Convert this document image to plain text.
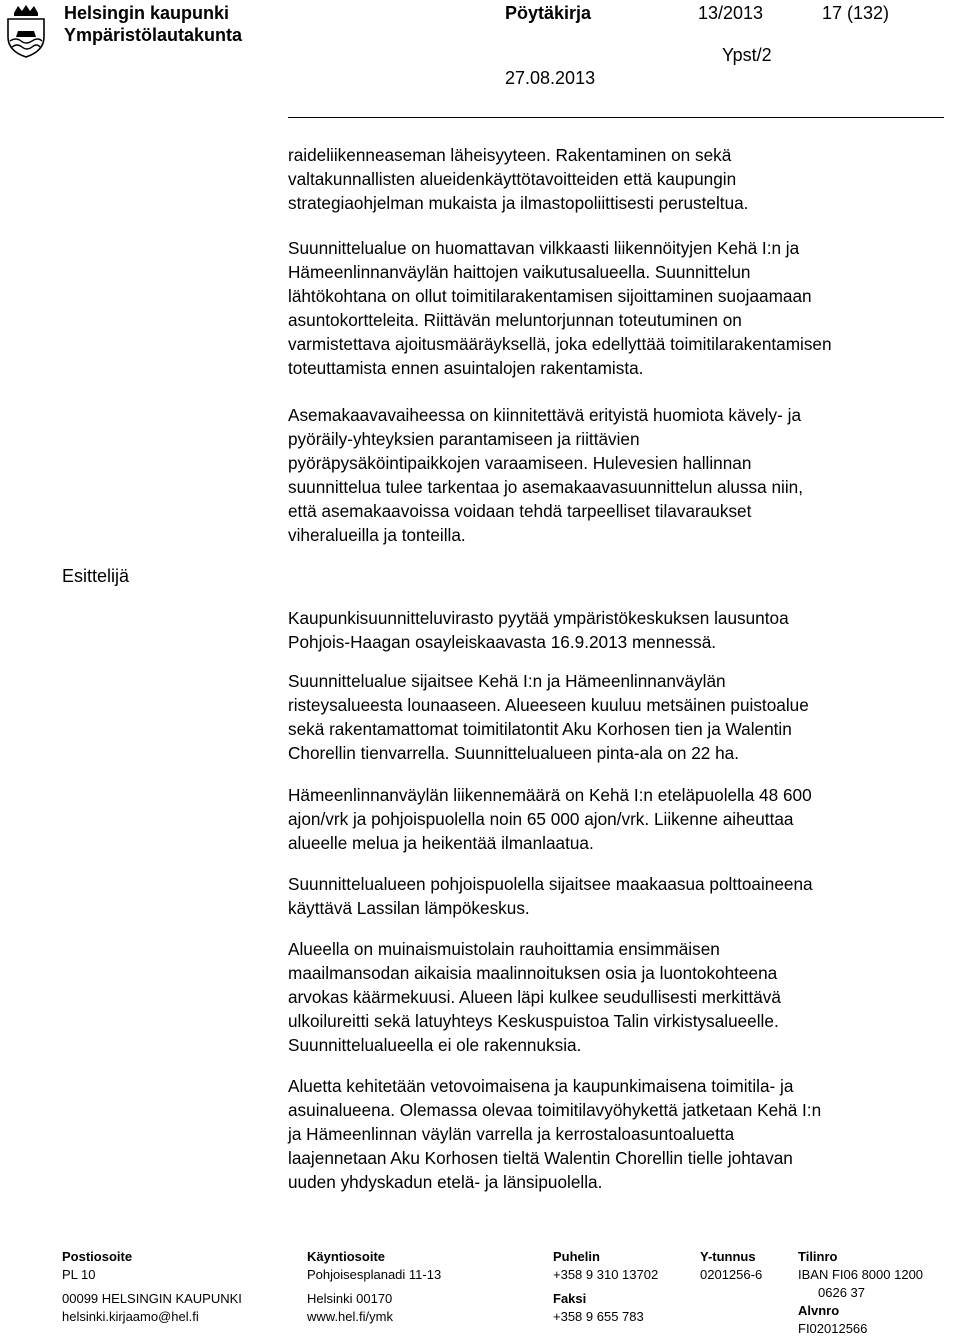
Helsingin kaupunki
Ympäristölautakunta
Pöytäkirja	13/2013	17 (132)
Ypst/2
27.08.2013
Esittelijä

raideliikenneaseman läheisyyteen. Rakentaminen on sekä

valtakunnallisten alueidenkäyttötavoitteiden että kaupungin

strategiaohjelman mukaista ja ilmastopoliittisesti perusteltua.

Suunnittelualue on huomattavan vilkkaasti liikennöityjen Kehä I:n ja

Hämeenlinnanväylän haittojen vaikutusalueella. Suunnittelun

lähtökohtana on ollut toimitilarakentamisen sijoittaminen suojaamaan

asuntokortteleita. Riittävän meluntorjunnan toteutuminen on

varmistettava ajoitusmääräyksellä, joka edellyttää toimitilarakentamisen

toteuttamista ennen asuintalojen rakentamista.

Asemakaavavaiheessa on kiinnitettävä erityistä huomiota kävely- ja

pyöräily-yhteyksien parantamiseen ja riittävien

pyöräpysäköintipaikkojen varaamiseen. Hulevesien hallinnan

suunnittelua tulee tarkentaa jo asemakaavasuunnittelun alussa niin,

että asemakaavoissa voidaan tehdä tarpeelliset tilavaraukset

viheralueilla ja tonteilla.

Kaupunkisuunnitteluvirasto pyytää ympäristökeskuksen lausuntoa

Pohjois-Haagan osayleiskaavasta 16.9.2013 mennessä.

Suunnittelualue sijaitsee Kehä I:n ja Hämeenlinnanväylän

risteysalueesta lounaaseen. Alueeseen kuuluu metsäinen puistoalue

sekä rakentamattomat toimitilatontit Aku Korhosen tien ja Walentin

Chorellin tienvarrella. Suunnittelualueen pinta-ala on 22 ha.

Hämeenlinnanväylän liikennemäärä on Kehä I:n eteläpuolella 48 600

ajon/vrk ja pohjoispuolella noin 65 000 ajon/vrk. Liikenne aiheuttaa

alueelle melua ja heikentää ilmanlaatua.

Suunnittelualueen pohjoispuolella sijaitsee maakaasua polttoaineena

käyttävä Lassilan lämpökeskus.

Alueella on muinaismuistolain rauhoittamia ensimmäisen

maailmansodan aikaisia maalinnoituksen osia ja luontokohteena

arvokas käärmekuusi. Alueen läpi kulkee seudullisesti merkittävä

ulkoilureitti sekä latuyhteys Keskuspuistoa Talin virkistysalueelle.

Suunnittelualueella ei ole rakennuksia.

Aluetta kehitetään vetovoimaisena ja kaupunkimaisena toimitila- ja

asuinalueena. Olemassa olevaa toimitilavyöhykettä jatketaan Kehä I:n

ja Hämeenlinnan väylän varrella ja kerrostaloasuntoaluetta

laajennetaan Aku Korhosen tieltä Walentin Chorellin tielle johtavan

uuden yhdyskadun etelä- ja länsipuolella.

Postiosoite
PL 10
00099 HELSINGIN KAUPUNKI
helsinki.kirjaamo@hel.fi
Käyntiosoite
Pohjoisesplanadi 11-13
Helsinki 00170
www.hel.fi/ymk
Puhelin
+358 9 310 13702
Faksi
+358 9 655 783
Y-tunnus
0201256-6
Tilinro
IBAN FI06 8000 1200
0626 37
Alvnro
FI02012566
